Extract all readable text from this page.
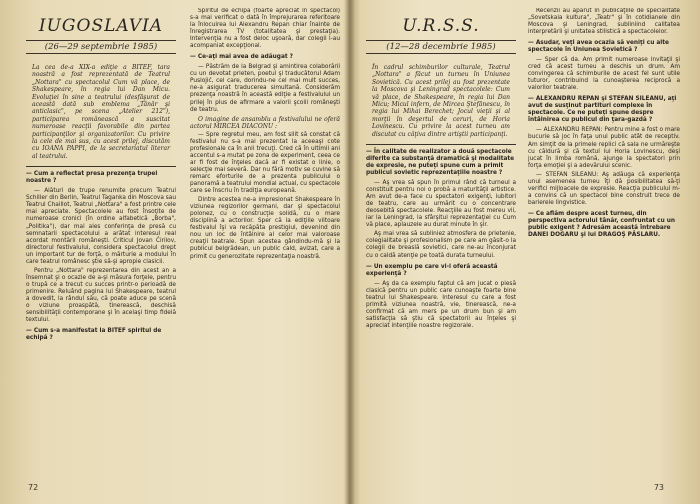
IUGOSLAVIA
(26—29 septembrie 1985)
La cea de-a XIX-a ediţie a BITEF, tara noastră a fost reprezentată de Teatrul „Nottara" cu spectacolul Cum vă place, de Shakespeare, în regia lui Dan Micu. Evoluţiei în sine a teatrului (desfăşurat de această dată sub emblema „Tânăr şi anticlasic", pe scena „Atelier 212"), participarea românească a suscitat numeroase reacţii favorabile din partea participanţilor şi organizatorilor. Cu privire la cele de mai sus, cu acest prilej, discutăm cu IOANA PAPPI, de la secretariatul literar al teatrului.
— Cum a reflectat presa prezenţa trupei noastre ?
— Alături de trupe renumite precum Teatrul Schiller din Berlin, Teatrul Taganka din Moscova sau Teatrul Chaillot, Teatrul „Nottara" a fost printre cele mai apreciate. Spectacolele au fost însoţite de numeroase cronici (în ordine alfabetică „Borba", „Politika"), dar mai ales conferinţa de presă cu semnatarii spectacolului a arătat interesul real acordat montării româneşti. Criticul Jovan Ćirilov, directorul festivalului, considera spectacolul drept un important tur de forţă, o mărturie a modului în care teatrul românesc ştie să-şi apropie clasicii.
Pentru „Nottara" reprezentarea din acest an a însemnat şi o ocazie de a-şi măsura forţele, pentru o trupă ce a trecut cu succes printr-o perioadă de primenire. Reluând pagina lui Shakespeare, teatrul a dovedit, la rândul său, că poate aduce pe scenă o viziune proaspătă, tinerească, deschisă sensibilităţii contemporane şi în acelaşi timp fidelă textului.
— Cum s-a manifestat la BITEF spiritul de echipă ?
Spiritul de echipă (foarte apreciat în spectacol) s-a mai verificat o dată în împrejurarea referitoare la înlocuirea lui Alexandru Repan chiar înainte de înregistrarea TV (totalitatea şi prestaţia). Intervenţia nu a fost deloc uşoară, dar colegii l-au acompaniat excepţional.
— Ce-aţi mai avea de adăugat ?
— Păstrăm de la Belgrad şi amintirea colaborării cu un devotat prieten, poetul şi traducătorul Adam Puslojić, cel care, dorindu-ne cel mai mult succes, ne-a asigurat traducerea simultană. Considerăm prezenţa noastră în această ediţie a festivalului un prilej în plus de afirmare a valorii şcolii româneşti de teatru.
O imagine de ansamblu a festivalului ne oferă actorul MIRCEA DIACONU :
— Spre regretul meu, am fost silit să constat că festivalul nu s-a mai prezentat la aceeaşi cote profesionale ca în anii trecuţi. Cred că în ultimii ani accentul s-a mutat pe zona de experiment, ceea ce ar fi fost de înţeles dacă ar fi existat o linie, o selecţie mai severă. Dar nu fără motiv se cuvine să remarc eforturile de a prezenta publicului o panoramă a teatrului mondial actual, cu spectacole care se înscriu în tradiţia europeană.
Dintre acestea ne-a impresionat Shakespeare în viziunea regizorilor germani, dar şi spectacolul polonez, cu o construcţie solidă, cu o mare disciplină a actorilor. Sper că la ediţiile viitoare festivalul îşi va recăpăta prestigiul, devenind din nou un loc de întâlnire al celor mai valoroase creaţii teatrale. Spun acestea gândindu-mă şi la publicul belgrădean, un public cald, avizat, care a primit cu generozitate reprezentaţia noastră.
72
U.R.S.S.
(12—28 decembrie 1985)
În cadrul schimburilor culturale, Teatrul „Nottara" a făcut un turneu în Uniunea Sovietică. Cu acest prilej au fost prezentate la Moscova şi Leningrad spectacolele: Cum vă place, de Shakespeare, în regia lui Dan Micu; Micul infern, de Mircea Ştefănescu, în regia lui Mihai Berechet; Jocul vieţii şi al morţii în deşertul de ceruri, de Horia Lovinescu. Cu privire la acest turneu am discutat cu câţiva dintre artiştii participanţi.
— În calitate de realizator a două spectacole diferite ca substanţă dramatică şi modalitate de expresie, ne puteţi spune cum a primit publicul sovietic reprezentaţiile noastre ?
— Aş vrea să spun în primul rând că turneul a constituit pentru noi o probă a maturităţii artistice. Am avut de-a face cu spectatori exigenţi, iubitori de teatru, care au urmărit cu o concentrare deosebită spectacolele. Reacţiile au fost mereu vii, iar la Leningrad, la sfârşitul reprezentaţiei cu Cum vă place, aplauzele au durat minute în şir.
Aş mai vrea să subliniez atmosfera de prietenie, colegialitate şi profesionalism pe care am găsit-o la colegii de breaslă sovietici, care ne-au înconjurat cu o caldă atenţie pe toată durata turneului.
— Un exemplu pe care vi-l oferă această experienţă ?
— Aş da ca exemplu faptul că am jucat o piesă clasică pentru un public care cunoaşte foarte bine teatrul lui Shakespeare. Interesul cu care a fost primită viziunea noastră, vie, tinerească, ne-a confirmat că am mers pe un drum bun şi am satisfacţia să ştiu că spectatorii au înţeles şi apreciat intenţiile noastre regizorale.
Recenzii au apărut în publicaţiile de specialitate „Sovetskaia kultura", „Teatr" şi în cotidianele din Moscova şi Leningrad, subliniind calitatea interpretării şi unitatea stilistică a spectacolelor.
— Asudar, veţi avea ocazia să veniţi cu alte spectacole în Uniunea Sovietică ?
— Sper că da. Am primit numeroase invitaţii şi cred că acest turneu a deschis un drum. Am convingerea că schimburile de acest fel sunt utile tuturor, contribuind la cunoaşterea reciprocă a valorilor teatrale.
— ALEXANDRU REPAN şi STEFAN SILEANU, aţi avut de susţinut partituri complexe în spectacole. Ce ne puteţi spune despre întâlnirea cu publicul din ţara-gazdă ?
— ALEXANDRU REPAN: Pentru mine a fost o mare bucurie să joc în faţa unui public atât de receptiv. Am simţit de la primele replici că sala ne urmăreşte cu căldură şi că textul lui Horia Lovinescu, deşi jucat în limba română, ajunge la spectatori prin forţa emoţiei şi a adevărului scenic.
— STEFAN SILEANU: Aş adăuga că experienţa unui asemenea turneu îţi dă posibilitatea să-ţi verifici mijloacele de expresie. Reacţia publicului m-a convins că un spectacol bine construit trece de barierele lingvistice.
— Ce aflăm despre acest turneu, din perspectiva actorului tânăr, confruntat cu un public exigent ? Adresăm această întrebare DANEI DOGARU şi lui DRAGOŞ PĂSLARU.
73
